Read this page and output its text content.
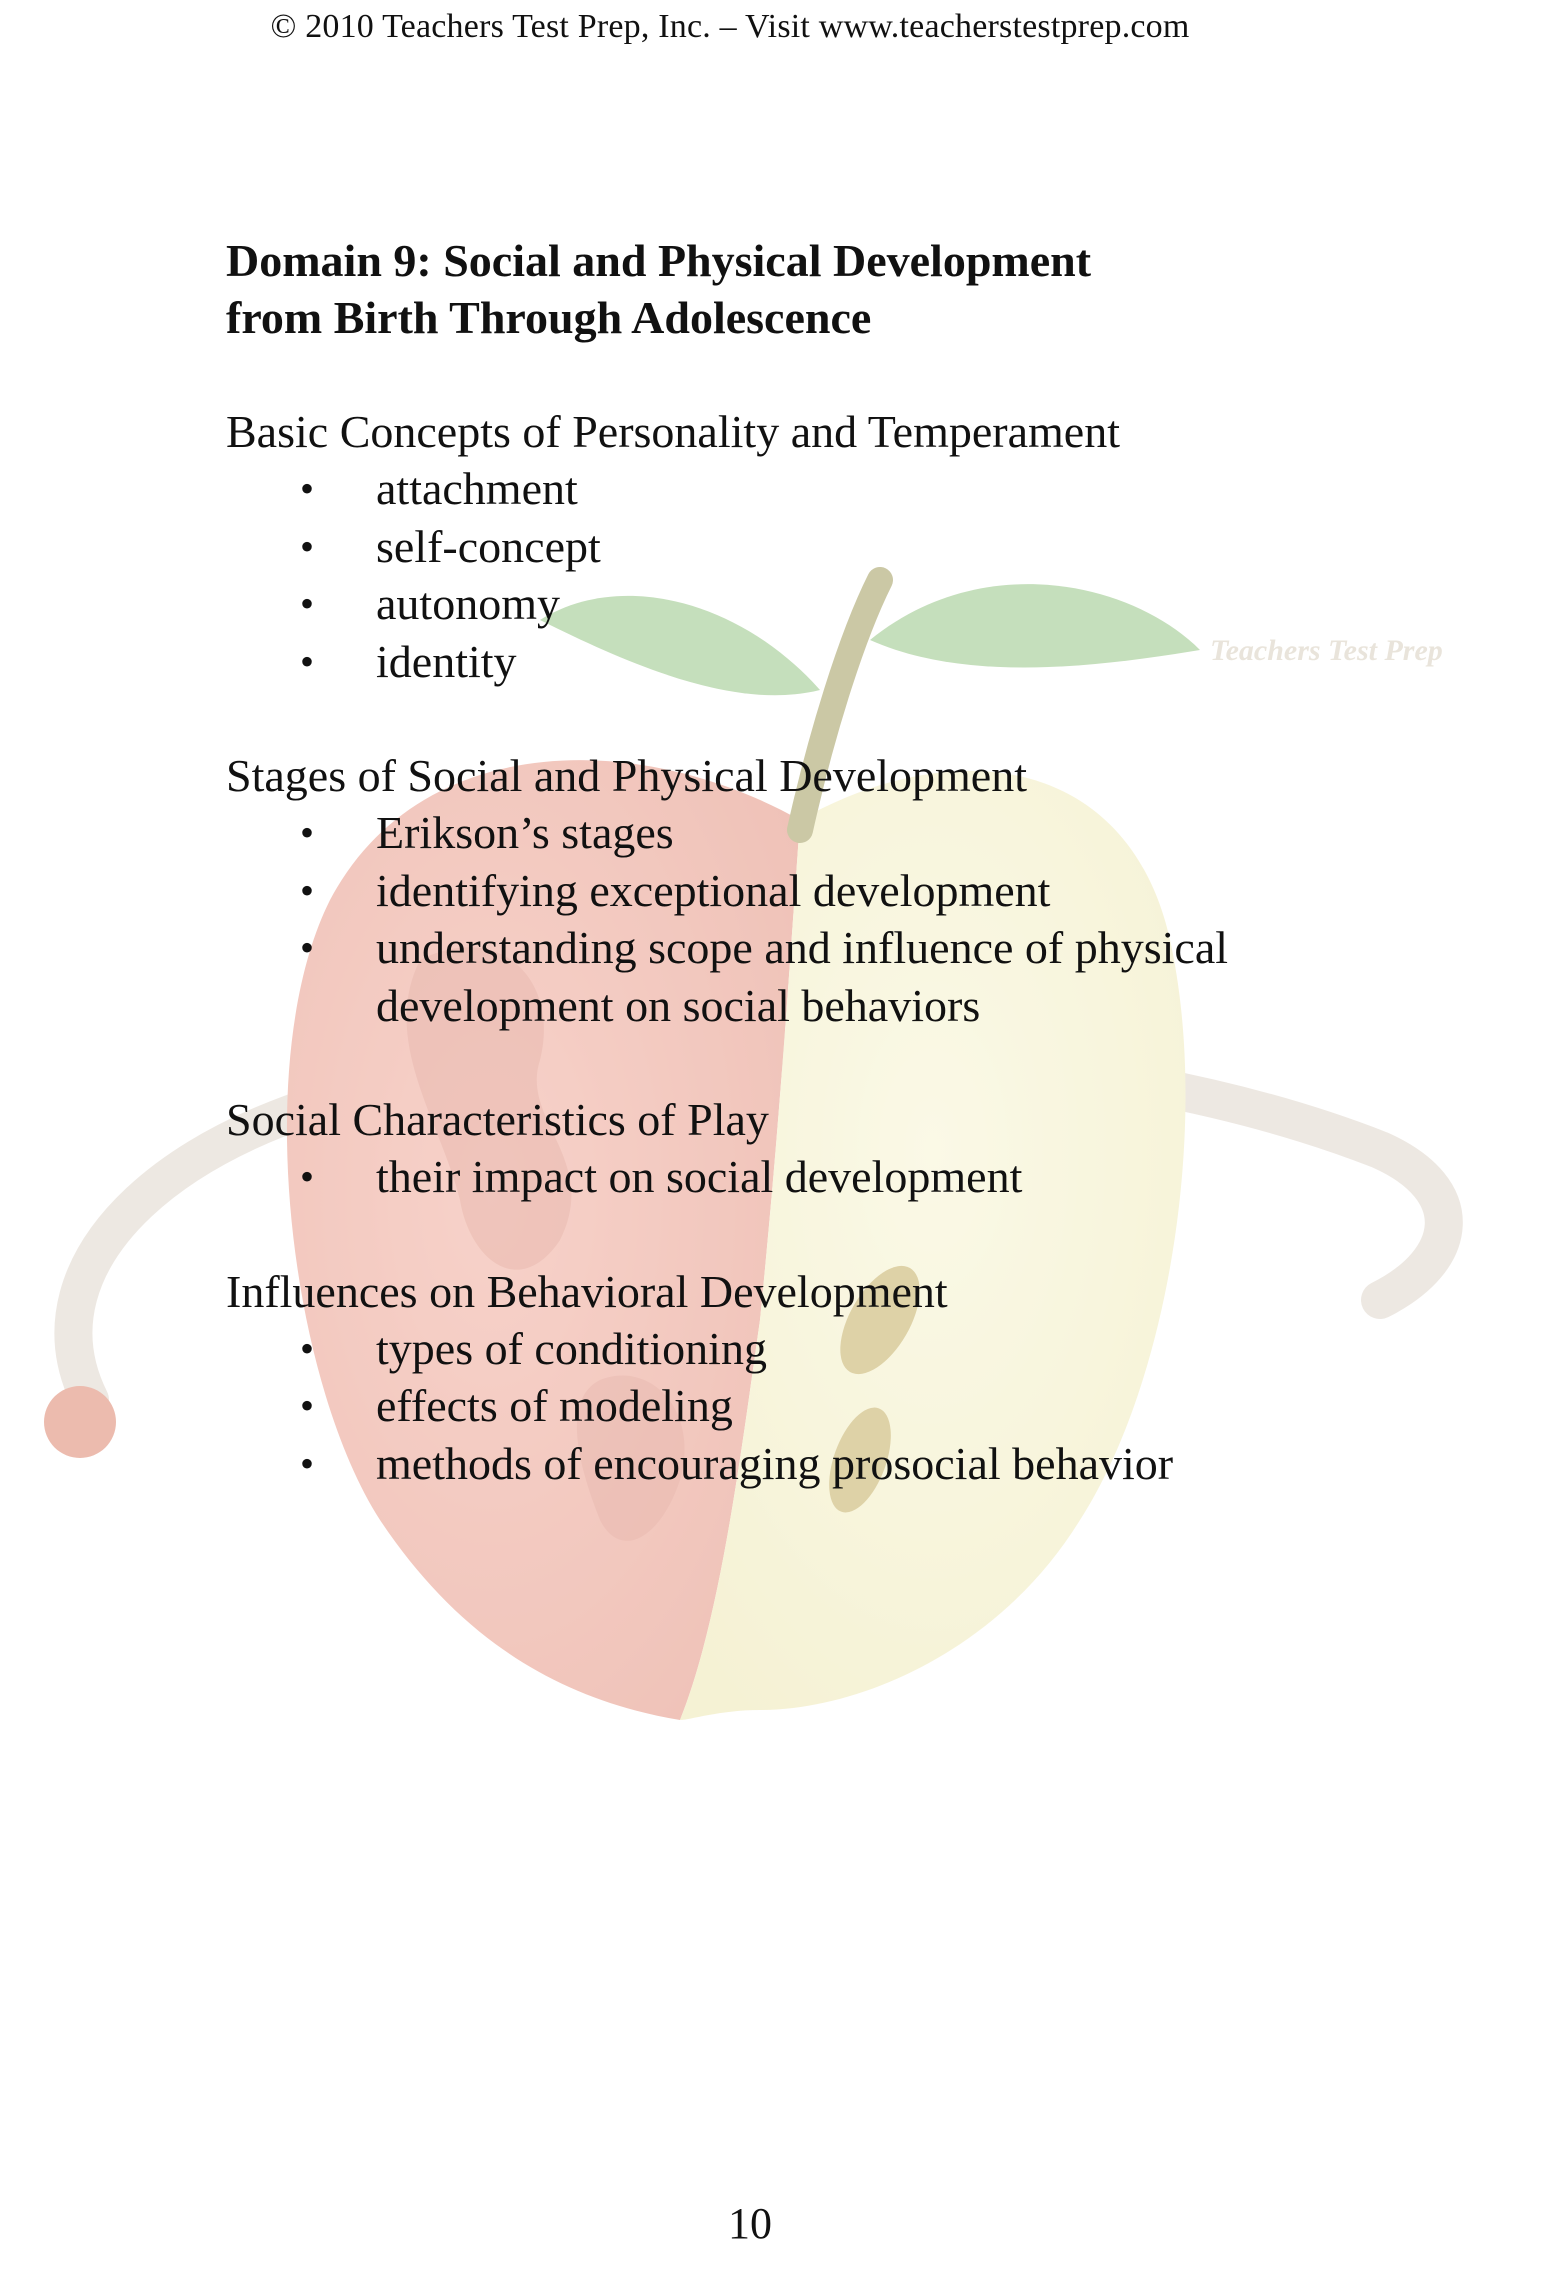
Teachers Test Prep
© 2010 Teachers Test Prep, Inc. – Visit www.teacherstestprep.com
Domain 9: Social and Physical Development
from Birth Through Adolescence

Basic Concepts of Personality and Temperament

• attachment
• self-concept
• autonomy
• identity

Stages of Social and Physical Development

• Erikson’s stages
• identifying exceptional development
• understanding scope and influence of physical development on social behaviors

Social Characteristics of Play

• their impact on social development

Influences on Behavioral Development

• types of conditioning
• effects of modeling
• methods of encouraging prosocial behavior
10
